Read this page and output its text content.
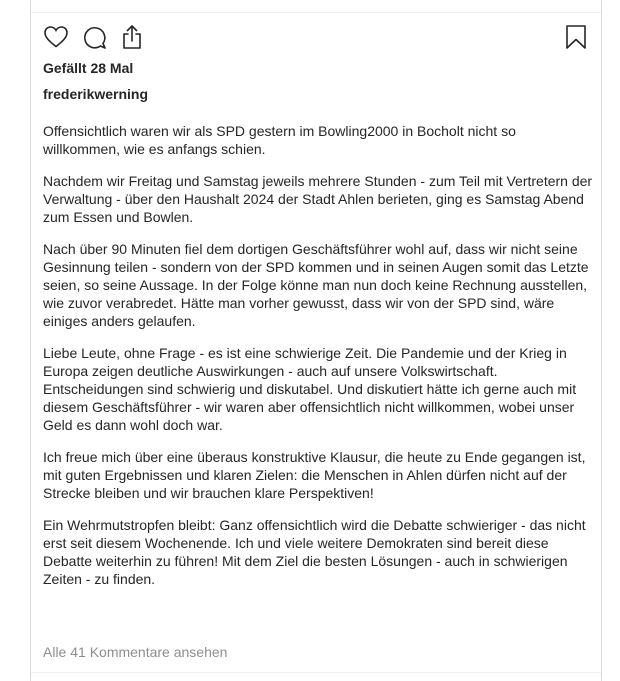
Gefällt 28 Mal
frederikwerning

Offensichtlich waren wir als SPD gestern im Bowling2000 in Bocholt nicht so willkommen, wie es anfangs schien.

Nachdem wir Freitag und Samstag jeweils mehrere Stunden - zum Teil mit Vertretern der Verwaltung - über den Haushalt 2024 der Stadt Ahlen berieten, ging es Samstag Abend zum Essen und Bowlen.

Nach über 90 Minuten fiel dem dortigen Geschäftsführer wohl auf, dass wir nicht seine Gesinnung teilen - sondern von der SPD kommen und in seinen Augen somit das Letzte seien, so seine Aussage. In der Folge könne man nun doch keine Rechnung ausstellen, wie zuvor verabredet. Hätte man vorher gewusst, dass wir von der SPD sind, wäre einiges anders gelaufen.

Liebe Leute, ohne Frage - es ist eine schwierige Zeit. Die Pandemie und der Krieg in Europa zeigen deutliche Auswirkungen - auch auf unsere Volkswirtschaft. Entscheidungen sind schwierig und diskutabel. Und diskutiert hätte ich gerne auch mit diesem Geschäftsführer - wir waren aber offensichtlich nicht willkommen, wobei unser Geld es dann wohl doch war.

Ich freue mich über eine überaus konstruktive Klausur, die heute zu Ende gegangen ist, mit guten Ergebnissen und klaren Zielen: die Menschen in Ahlen dürfen nicht auf der Strecke bleiben und wir brauchen klare Perspektiven!

Ein Wehrmutstropfen bleibt: Ganz offensichtlich wird die Debatte schwieriger - das nicht erst seit diesem Wochenende. Ich und viele weitere Demokraten sind bereit diese Debatte weiterhin zu führen! Mit dem Ziel die besten Lösungen - auch in schwierigen Zeiten - zu finden.

Alle 41 Kommentare ansehen
